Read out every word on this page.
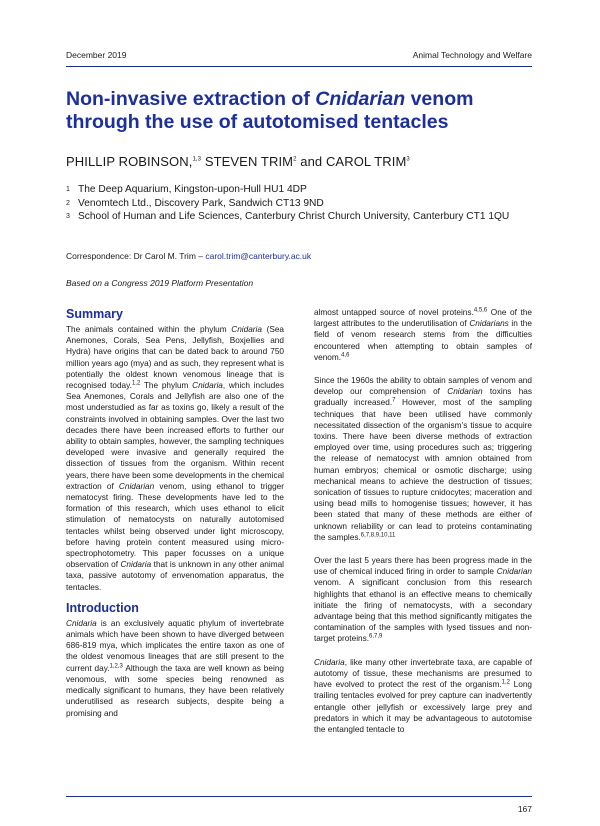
December 2019	Animal Technology and Welfare
Non-invasive extraction of Cnidarian venom through the use of autotomised tentacles
PHILLIP ROBINSON,$^{1,3}$ STEVEN TRIM$^2$ and CAROL TRIM$^3$
1 The Deep Aquarium, Kingston-upon-Hull HU1 4DP
2 Venomtech Ltd., Discovery Park, Sandwich CT13 9ND
3 School of Human and Life Sciences, Canterbury Christ Church University, Canterbury CT1 1QU
Correspondence: Dr Carol M. Trim – carol.trim@canterbury.ac.uk
Based on a Congress 2019 Platform Presentation
Summary

The animals contained within the phylum Cnidaria (Sea Anemones, Corals, Sea Pens, Jellyfish, Boxjellies and Hydra) have origins that can be dated back to around 750 million years ago (mya) and as such, they represent what is potentially the oldest known venomous lineage that is recognised today.$^{1,2}$ The phylum Cnidaria, which includes Sea Anemones, Corals and Jellyfish are also one of the most understudied as far as toxins go, likely a result of the constraints involved in obtaining samples. Over the last two decades there have been increased efforts to further our ability to obtain samples, however, the sampling techniques developed were invasive and generally required the dissection of tissues from the organism. Within recent years, there have been some developments in the chemical extraction of Cnidarian venom, using ethanol to trigger nematocyst firing. These developments have led to the formation of this research, which uses ethanol to elicit stimulation of nematocysts on naturally autotomised tentacles whilst being observed under light microscopy, before having protein content measured using micro-spectrophotometry. This paper focusses on a unique observation of Cnidaria that is unknown in any other animal taxa, passive autotomy of envenomation apparatus, the tentacles.

Introduction

Cnidaria is an exclusively aquatic phylum of invertebrate animals which have been shown to have diverged between 686-819 mya, which implicates the entire taxon as one of the oldest venomous lineages that are still present to the current day.$^{1,2,3}$ Although the taxa are well known as being venomous, with some species being renowned as medically significant to humans, they have been relatively underutilised as research subjects, despite being a promising and

almost untapped source of novel proteins.$^{4,5,6}$ One of the largest attributes to the underutilisation of Cnidarians in the field of venom research stems from the difficulties encountered when attempting to obtain samples of venom.$^{4,6}$

Since the 1960s the ability to obtain samples of venom and develop our comprehension of Cnidarian toxins has gradually increased.$^7$ However, most of the sampling techniques that have been utilised have commonly necessitated dissection of the organism’s tissue to acquire toxins. There have been diverse methods of extraction employed over time, using procedures such as; triggering the release of nematocyst with amnion obtained from human embryos; chemical or osmotic discharge; using mechanical means to achieve the destruction of tissues; sonication of tissues to rupture cnidocytes; maceration and using bead mills to homogenise tissues; however, it has been stated that many of these methods are either of unknown reliability or can lead to proteins contaminating the samples.$^{6,7,8,9,10,11}$

Over the last 5 years there has been progress made in the use of chemical induced firing in order to sample Cnidarian venom. A significant conclusion from this research highlights that ethanol is an effective means to chemically initiate the firing of nematocysts, with a secondary advantage being that this method significantly mitigates the contamination of the samples with lysed tissues and non-target proteins.$^{6,7,9}$

Cnidaria, like many other invertebrate taxa, are capable of autotomy of tissue, these mechanisms are presumed to have evolved to protect the rest of the organism.$^{1,2}$ Long trailing tentacles evolved for prey capture can inadvertently entangle other jellyfish or excessively large prey and predators in which it may be advantageous to autotomise the entangled tentacle to

167
